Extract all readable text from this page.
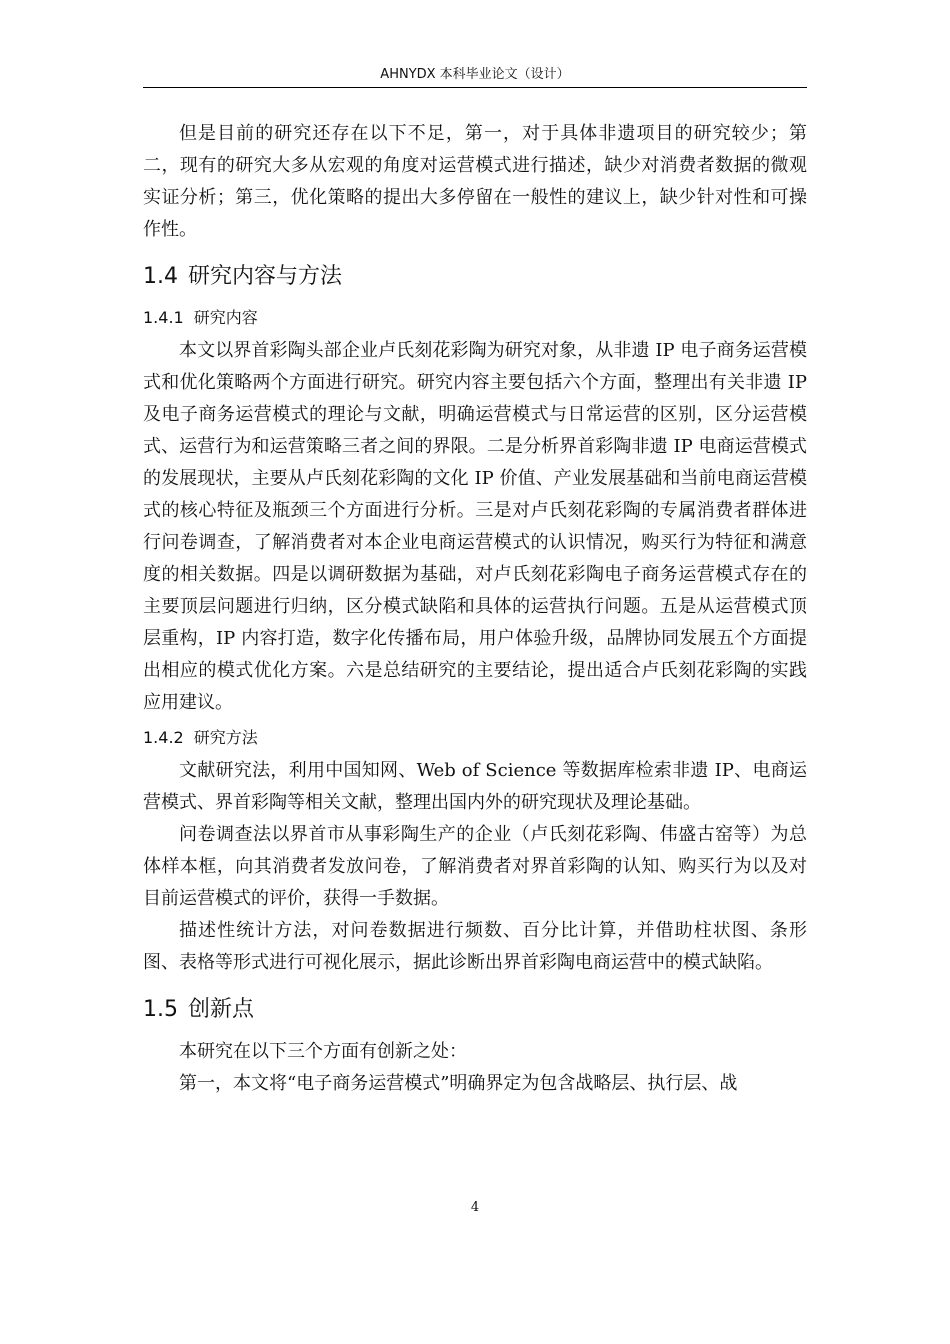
AHNYDX 本科毕业论文（设计）

但是目前的研究还存在以下不足，第一，对于具体非遗项目的研究较少；第二，现有的研究大多从宏观的角度对运营模式进行描述，缺少对消费者数据的微观实证分析；第三，优化策略的提出大多停留在一般性的建议上，缺少针对性和可操作性。

1.4 研究内容与方法
1.4.1 研究内容

本文以界首彩陶头部企业卢氏刻花彩陶为研究对象，从非遗 IP 电子商务运营模式和优化策略两个方面进行研究。研究内容主要包括六个方面，整理出有关非遗 IP 及电子商务运营模式的理论与文献，明确运营模式与日常运营的区别，区分运营模式、运营行为和运营策略三者之间的界限。二是分析界首彩陶非遗 IP 电商运营模式的发展现状，主要从卢氏刻花彩陶的文化 IP 价值、产业发展基础和当前电商运营模式的核心特征及瓶颈三个方面进行分析。三是对卢氏刻花彩陶的专属消费者群体进行问卷调查，了解消费者对本企业电商运营模式的认识情况，购买行为特征和满意度的相关数据。四是以调研数据为基础，对卢氏刻花彩陶电子商务运营模式存在的主要顶层问题进行归纳，区分模式缺陷和具体的运营执行问题。五是从运营模式顶层重构，IP 内容打造，数字化传播布局，用户体验升级，品牌协同发展五个方面提出相应的模式优化方案。六是总结研究的主要结论，提出适合卢氏刻花彩陶的实践应用建议。

1.4.2 研究方法

文献研究法，利用中国知网、Web of Science 等数据库检索非遗 IP、电商运营模式、界首彩陶等相关文献，整理出国内外的研究现状及理论基础。

问卷调查法以界首市从事彩陶生产的企业（卢氏刻花彩陶、伟盛古窑等）为总体样本框，向其消费者发放问卷，了解消费者对界首彩陶的认知、购买行为以及对目前运营模式的评价，获得一手数据。

描述性统计方法，对问卷数据进行频数、百分比计算，并借助柱状图、条形图、表格等形式进行可视化展示，据此诊断出界首彩陶电商运营中的模式缺陷。

1.5 创新点

本研究在以下三个方面有创新之处：

第一，本文将“电子商务运营模式”明确界定为包含战略层、执行层、战

4
